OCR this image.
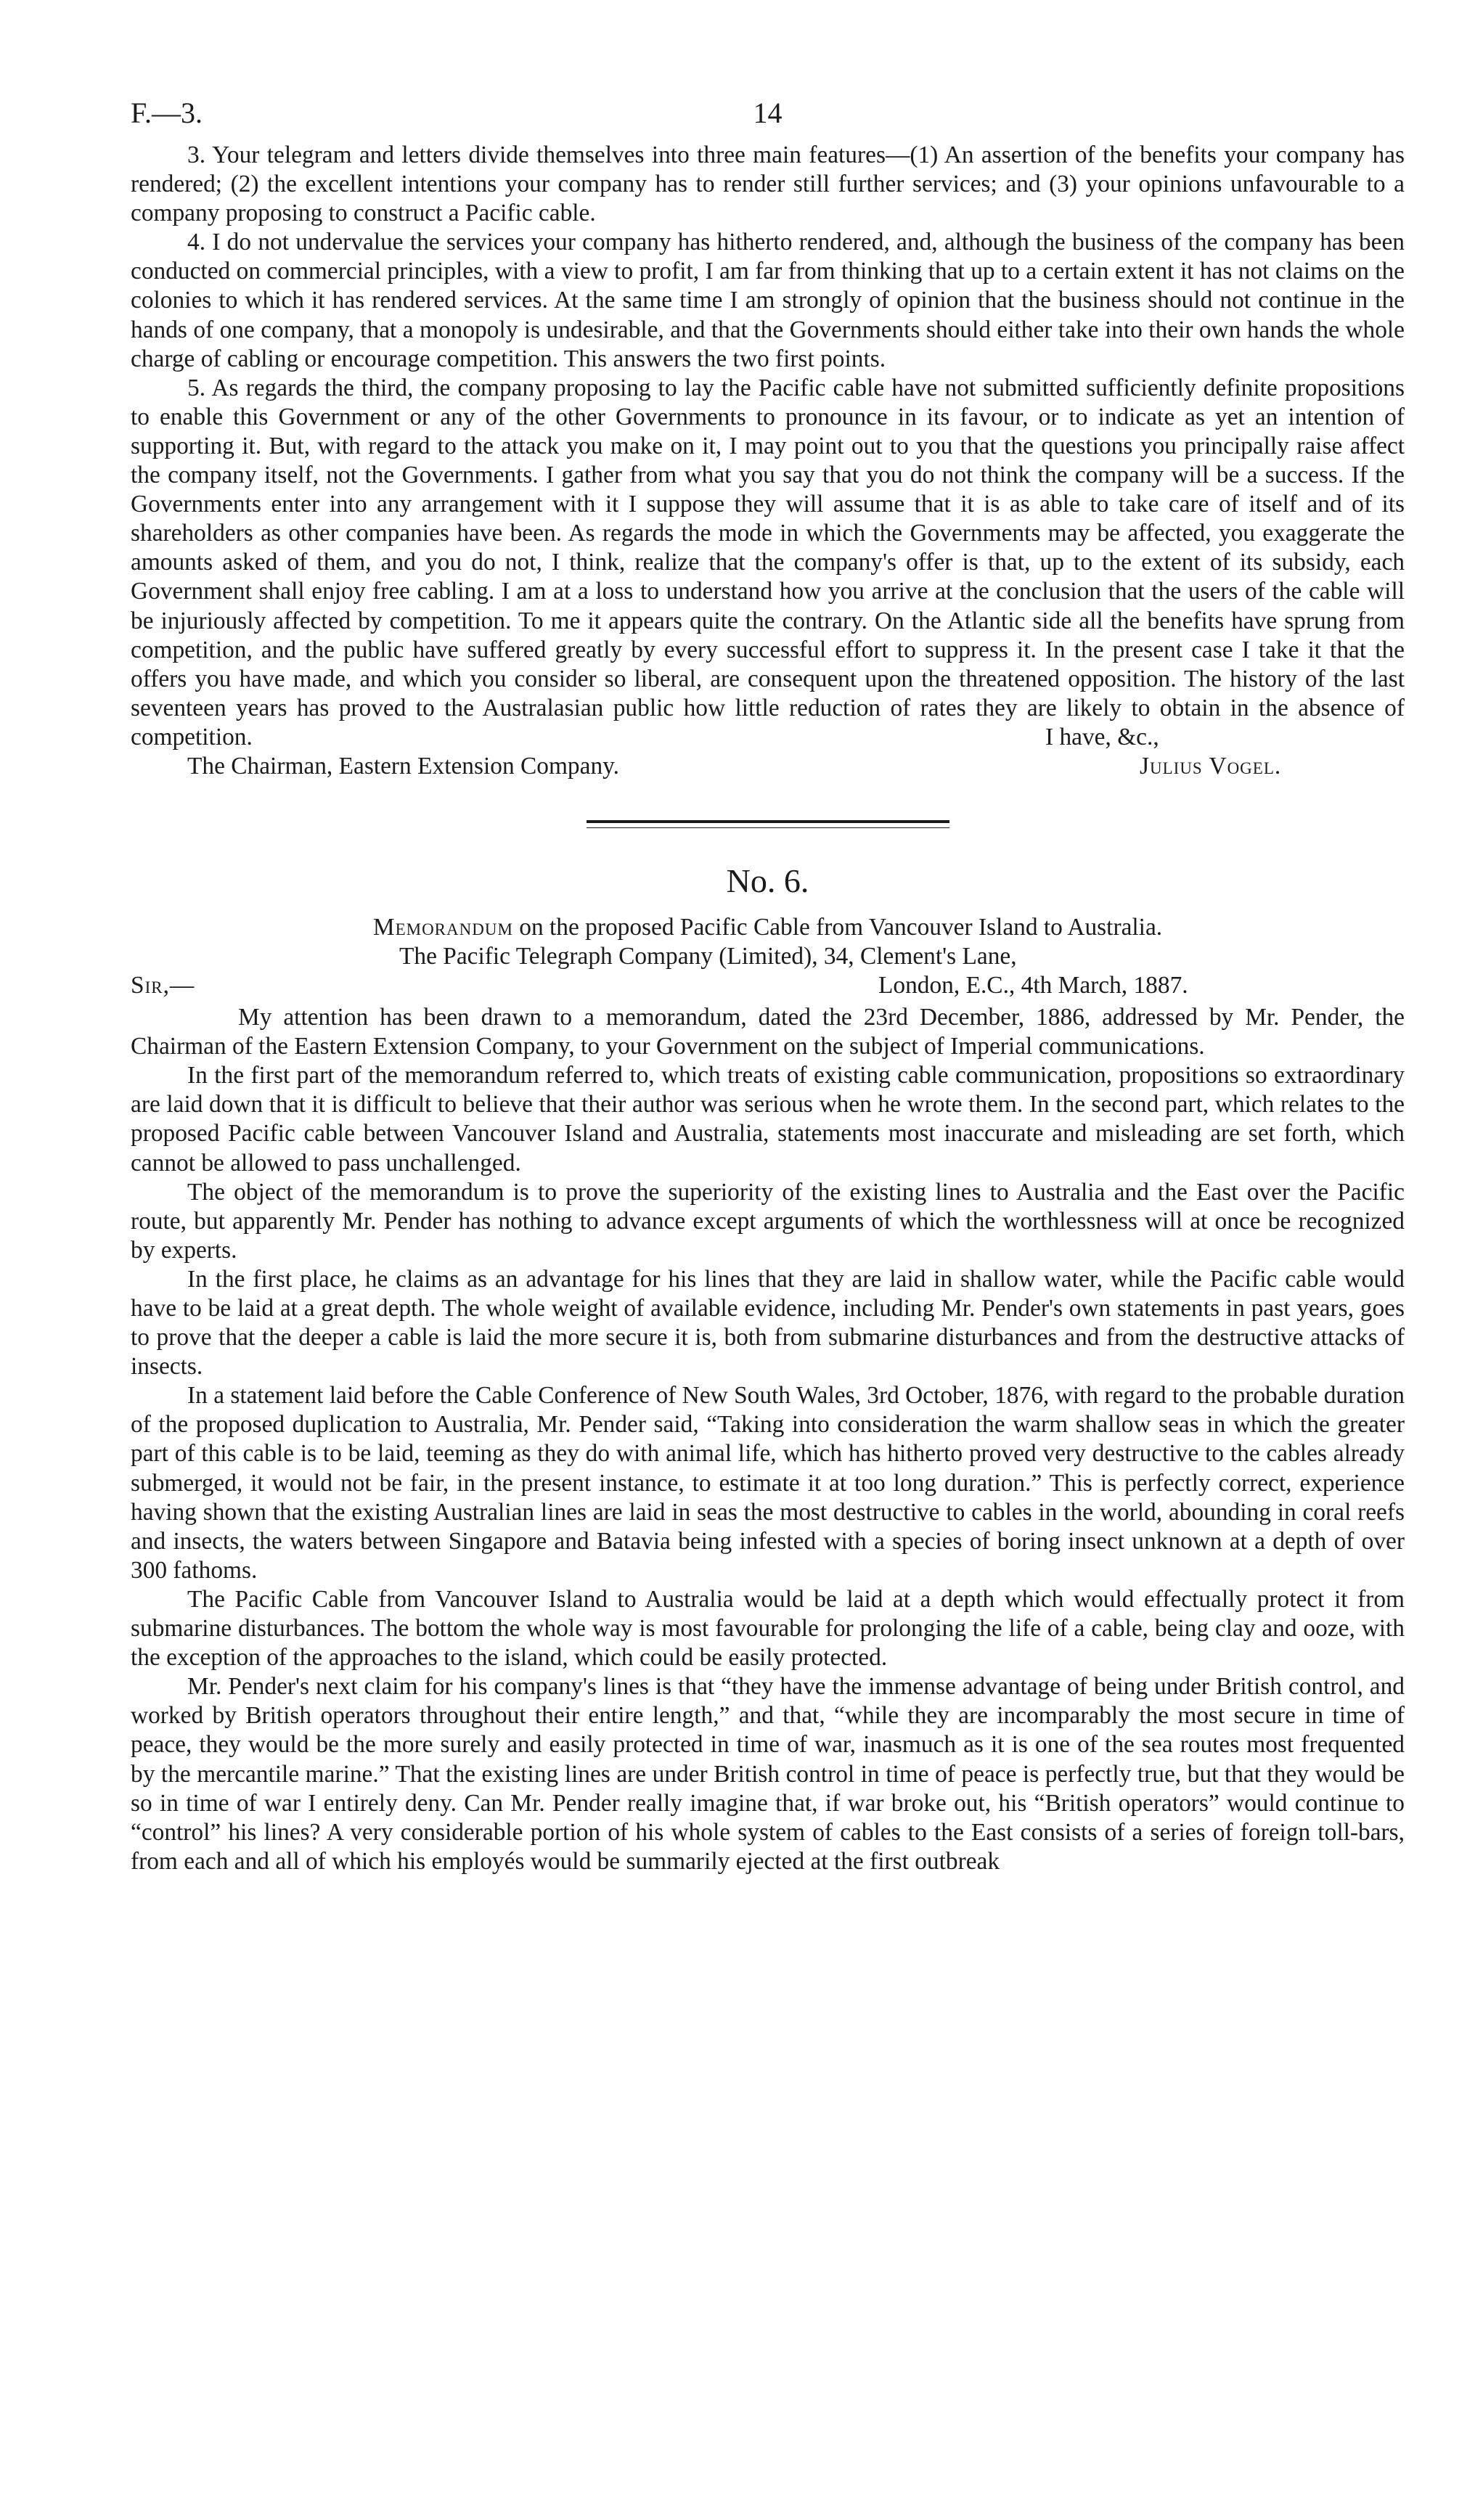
F.—3.	14

3. Your telegram and letters divide themselves into three main features—(1) An assertion of the benefits your company has rendered; (2) the excellent intentions your company has to render still further services; and (3) your opinions unfavourable to a company proposing to construct a Pacific cable.

4. I do not undervalue the services your company has hitherto rendered, and, although the business of the company has been conducted on commercial principles, with a view to profit, I am far from thinking that up to a certain extent it has not claims on the colonies to which it has rendered services. At the same time I am strongly of opinion that the business should not continue in the hands of one company, that a monopoly is undesirable, and that the Governments should either take into their own hands the whole charge of cabling or encourage competition. This answers the two first points.

5. As regards the third, the company proposing to lay the Pacific cable have not submitted sufficiently definite propositions to enable this Government or any of the other Governments to pronounce in its favour, or to indicate as yet an intention of supporting it. But, with regard to the attack you make on it, I may point out to you that the questions you principally raise affect the company itself, not the Governments. I gather from what you say that you do not think the company will be a success. If the Governments enter into any arrangement with it I suppose they will assume that it is as able to take care of itself and of its shareholders as other companies have been. As regards the mode in which the Governments may be affected, you exaggerate the amounts asked of them, and you do not, I think, realize that the company's offer is that, up to the extent of its subsidy, each Government shall enjoy free cabling. I am at a loss to understand how you arrive at the conclusion that the users of the cable will be injuriously affected by competition. To me it appears quite the contrary. On the Atlantic side all the benefits have sprung from competition, and the public have suffered greatly by every successful effort to suppress it. In the present case I take it that the offers you have made, and which you consider so liberal, are consequent upon the threatened opposition. The history of the last seventeen years has proved to the Australasian public how little reduction of rates they are likely to obtain in the absence of competition.	I have, &c.,
The Chairman, Eastern Extension Company.	Julius Vogel.
No. 6.

Memorandum on the proposed Pacific Cable from Vancouver Island to Australia.

The Pacific Telegraph Company (Limited), 34, Clement's Lane,
Sir,—	London, E.C., 4th March, 1887.

My attention has been drawn to a memorandum, dated the 23rd December, 1886, addressed by Mr. Pender, the Chairman of the Eastern Extension Company, to your Government on the subject of Imperial communications.

In the first part of the memorandum referred to, which treats of existing cable communication, propositions so extraordinary are laid down that it is difficult to believe that their author was serious when he wrote them. In the second part, which relates to the proposed Pacific cable between Vancouver Island and Australia, statements most inaccurate and misleading are set forth, which cannot be allowed to pass unchallenged.

The object of the memorandum is to prove the superiority of the existing lines to Australia and the East over the Pacific route, but apparently Mr. Pender has nothing to advance except arguments of which the worthlessness will at once be recognized by experts.

In the first place, he claims as an advantage for his lines that they are laid in shallow water, while the Pacific cable would have to be laid at a great depth. The whole weight of available evidence, including Mr. Pender's own statements in past years, goes to prove that the deeper a cable is laid the more secure it is, both from submarine disturbances and from the destructive attacks of insects.

In a statement laid before the Cable Conference of New South Wales, 3rd October, 1876, with regard to the probable duration of the proposed duplication to Australia, Mr. Pender said, “Taking into consideration the warm shallow seas in which the greater part of this cable is to be laid, teeming as they do with animal life, which has hitherto proved very destructive to the cables already submerged, it would not be fair, in the present instance, to estimate it at too long duration.” This is perfectly correct, experience having shown that the existing Australian lines are laid in seas the most destructive to cables in the world, abounding in coral reefs and insects, the waters between Singapore and Batavia being infested with a species of boring insect unknown at a depth of over 300 fathoms.

The Pacific Cable from Vancouver Island to Australia would be laid at a depth which would effectually protect it from submarine disturbances. The bottom the whole way is most favourable for prolonging the life of a cable, being clay and ooze, with the exception of the approaches to the island, which could be easily protected.

Mr. Pender's next claim for his company's lines is that “they have the immense advantage of being under British control, and worked by British operators throughout their entire length,” and that, “while they are incomparably the most secure in time of peace, they would be the more surely and easily protected in time of war, inasmuch as it is one of the sea routes most frequented by the mercantile marine.” That the existing lines are under British control in time of peace is perfectly true, but that they would be so in time of war I entirely deny. Can Mr. Pender really imagine that, if war broke out, his “British operators” would continue to “control” his lines? A very considerable portion of his whole system of cables to the East consists of a series of foreign toll-bars, from each and all of which his employés would be summarily ejected at the first outbreak
